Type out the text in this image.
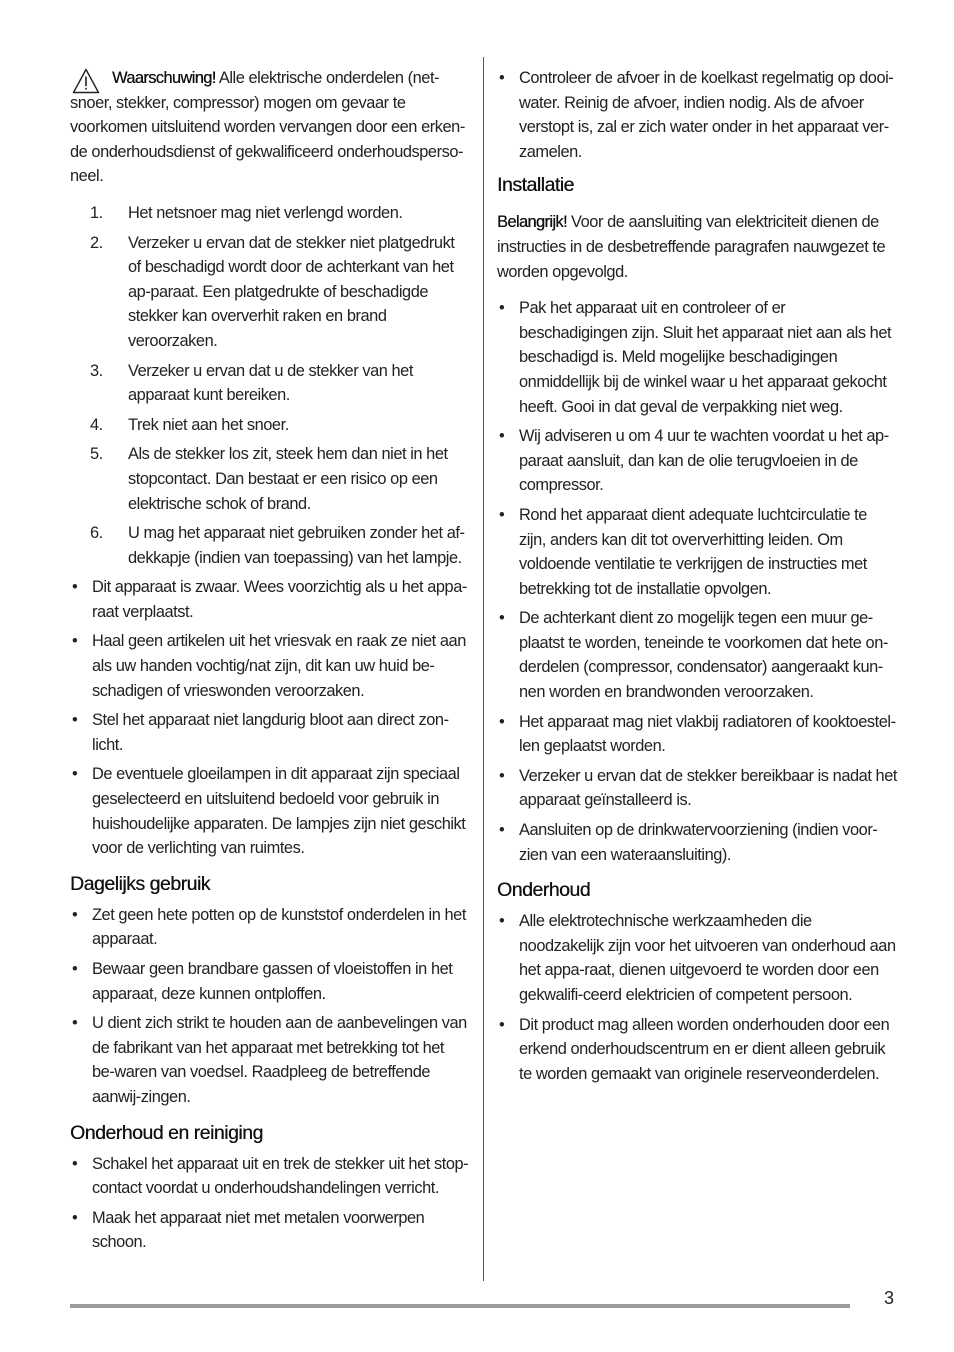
Waarschuwing! Alle elektrische onderdelen (net-
snoer, stekker, compressor) mogen om gevaar te voorkomen uitsluitend worden vervangen door een erken-de onderhoudsdienst of gekwalificeerd onderhoudsperso-neel.

1. Het netsnoer mag niet verlengd worden.
2. Verzeker u ervan dat de stekker niet platgedrukt of beschadigd wordt door de achterkant van het ap-paraat. Een platgedrukte of beschadigde stekker kan oververhit raken en brand veroorzaken.
3. Verzeker u ervan dat u de stekker van het apparaat kunt bereiken.
4. Trek niet aan het snoer.
5. Als de stekker los zit, steek hem dan niet in het stopcontact. Dan bestaat er een risico op een elektrische schok of brand.
6. U mag het apparaat niet gebruiken zonder het af-dekkapje (indien van toepassing) van het lampje.
• Dit apparaat is zwaar. Wees voorzichtig als u het appa-raat verplaatst.
• Haal geen artikelen uit het vriesvak en raak ze niet aan als uw handen vochtig/nat zijn, dit kan uw huid be-schadigen of vrieswonden veroorzaken.
• Stel het apparaat niet langdurig bloot aan direct zon-licht.
• De eventuele gloeilampen in dit apparaat zijn speciaal geselecteerd en uitsluitend bedoeld voor gebruik in huishoudelijke apparaten. De lampjes zijn niet geschikt voor de verlichting van ruimtes.
Dagelijks gebruik
• Zet geen hete potten op de kunststof onderdelen in het apparaat.
• Bewaar geen brandbare gassen of vloeistoffen in het apparaat, deze kunnen ontploffen.
• U dient zich strikt te houden aan de aanbevelingen van de fabrikant van het apparaat met betrekking tot het be-waren van voedsel. Raadpleeg de betreffende aanwij-zingen.
Onderhoud en reiniging
• Schakel het apparaat uit en trek de stekker uit het stop-contact voordat u onderhoudshandelingen verricht.
• Maak het apparaat niet met metalen voorwerpen schoon.
• Controleer de afvoer in de koelkast regelmatig op dooi-water. Reinig de afvoer, indien nodig. Als de afvoer verstopt is, zal er zich water onder in het apparaat ver-zamelen.
Installatie

Belangrijk! Voor de aansluiting van elektriciteit dienen de instructies in de desbetreffende paragrafen nauwgezet te worden opgevolgd.

• Pak het apparaat uit en controleer of er beschadigingen zijn. Sluit het apparaat niet aan als het beschadigd is. Meld mogelijke beschadigingen onmiddellijk bij de winkel waar u het apparaat gekocht heeft. Gooi in dat geval de verpakking niet weg.
• Wij adviseren u om 4 uur te wachten voordat u het ap-paraat aansluit, dan kan de olie terugvloeien in de compressor.
• Rond het apparaat dient adequate luchtcirculatie te zijn, anders kan dit tot oververhitting leiden. Om voldoende ventilatie te verkrijgen de instructies met betrekking tot de installatie opvolgen.
• De achterkant dient zo mogelijk tegen een muur ge-plaatst te worden, teneinde te voorkomen dat hete on-derdelen (compressor, condensator) aangeraakt kun-nen worden en brandwonden veroorzaken.
• Het apparaat mag niet vlakbij radiatoren of kooktoestel-len geplaatst worden.
• Verzeker u ervan dat de stekker bereikbaar is nadat het apparaat geïnstalleerd is.
• Aansluiten op de drinkwatervoorziening (indien voor-zien van een wateraansluiting).
Onderhoud
• Alle elektrotechnische werkzaamheden die noodzakelijk zijn voor het uitvoeren van onderhoud aan het appa-raat, dienen uitgevoerd te worden door een gekwalifi-ceerd elektricien of competent persoon.
• Dit product mag alleen worden onderhouden door een erkend onderhoudscentrum en er dient alleen gebruik te worden gemaakt van originele reserveonderdelen.
3
